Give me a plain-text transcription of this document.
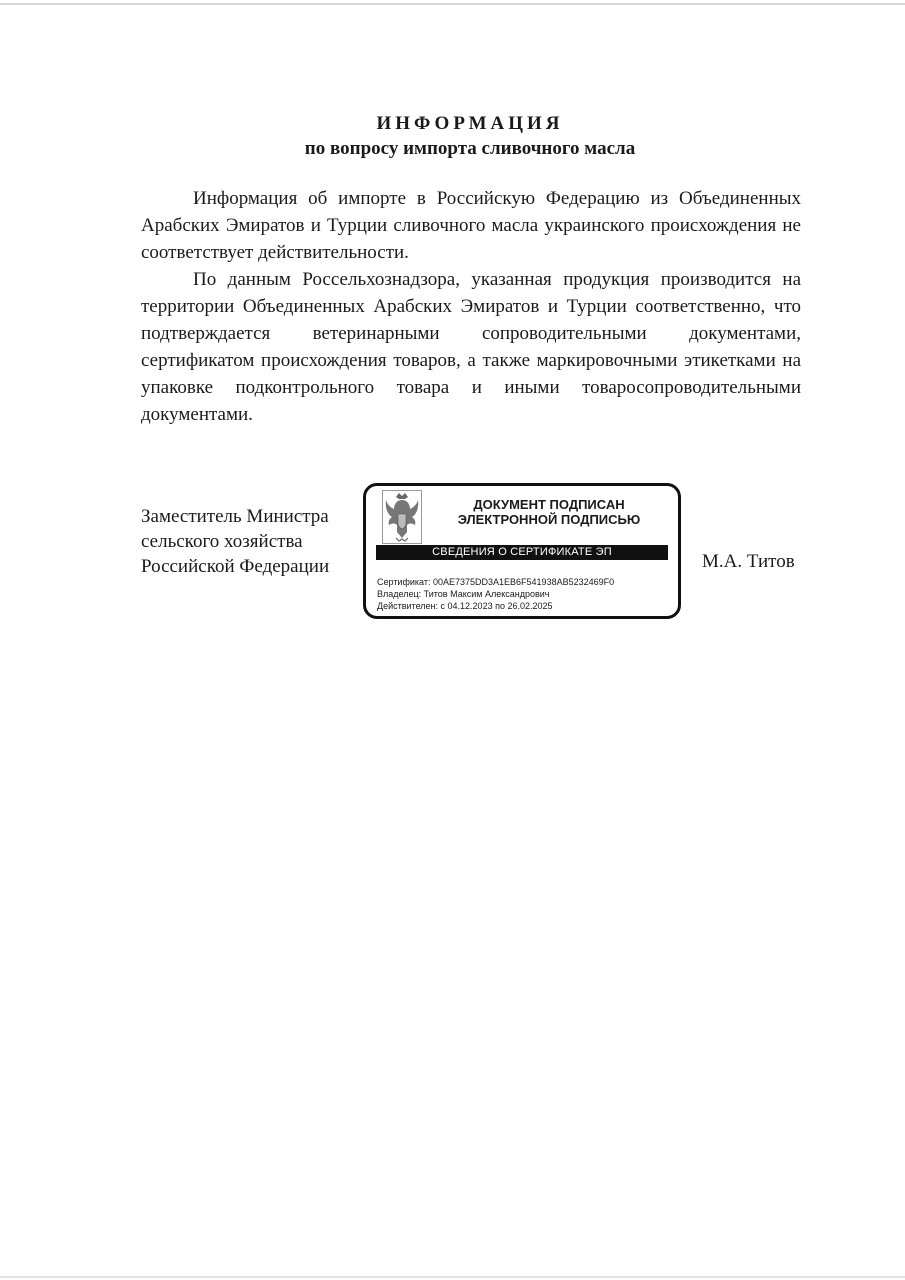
ИНФОРМАЦИЯ
по вопросу импорта сливочного масла

Информация об импорте в Российскую Федерацию из Объединенных Арабских Эмиратов и Турции сливочного масла украинского происхождения не соответствует действительности.

По данным Россельхознадзора, указанная продукция производится на территории Объединенных Арабских Эмиратов и Турции соответственно, что подтверждается ветеринарными сопроводительными документами, сертификатом происхождения товаров, а также маркировочными этикетками на упаковке подконтрольного товара и иными товаросопроводительными документами.

Заместитель Министра
сельского хозяйства
Российской Федерации
ДОКУМЕНТ ПОДПИСАН
ЭЛЕКТРОННОЙ ПОДПИСЬЮ
СВЕДЕНИЯ О СЕРТИФИКАТЕ ЭП
Сертификат: 00AE7375DD3A1EB6F541938AB5232469F0
Владелец: Титов Максим Александрович
Действителен: с 04.12.2023 по 26.02.2025
М.А. Титов
